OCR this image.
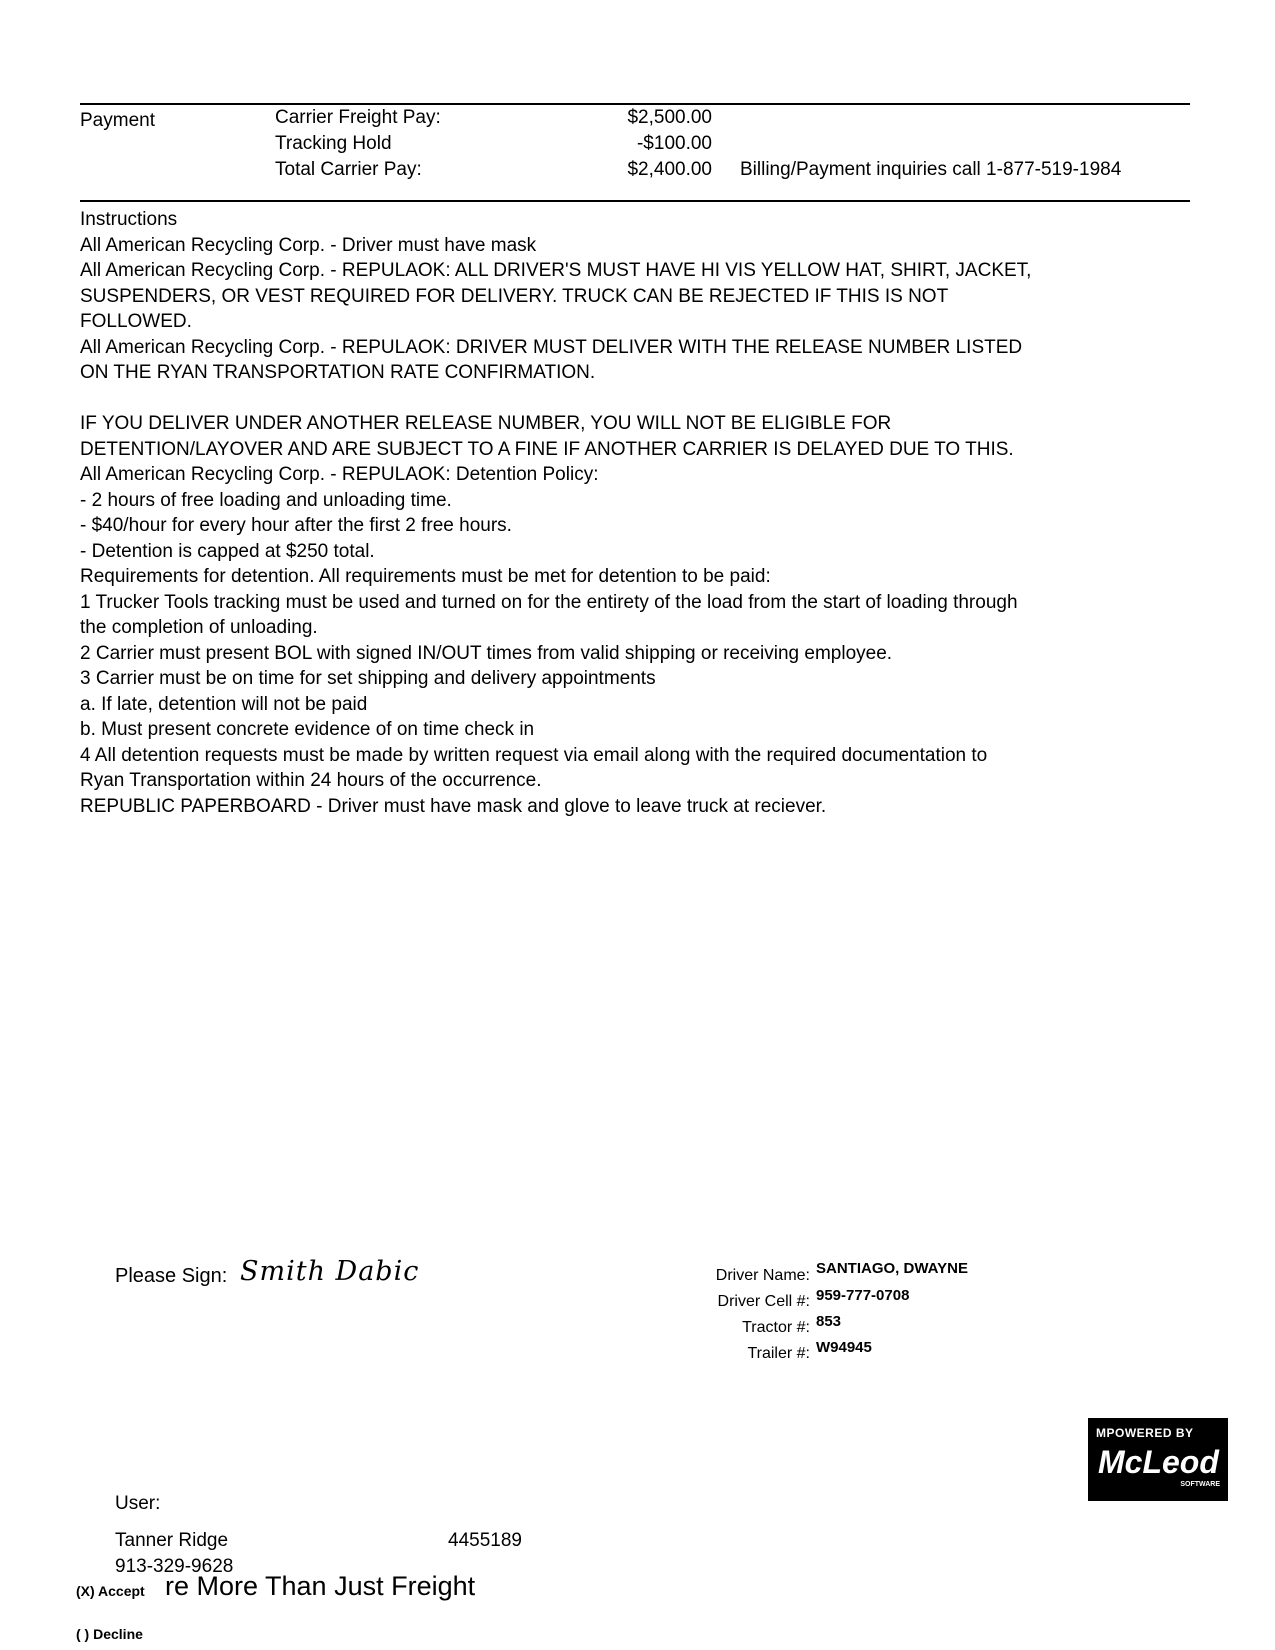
Payment	Carrier Freight Pay:	$2,500.00
Tracking Hold	-$100.00
Total Carrier Pay:	$2,400.00 Billing/Payment inquiries call 1-877-519-1984
Instructions
All American Recycling Corp. - Driver must have mask
All American Recycling Corp. - REPULAOK: ALL DRIVER'S MUST HAVE HI VIS YELLOW HAT, SHIRT, JACKET,
SUSPENDERS, OR VEST REQUIRED FOR DELIVERY. TRUCK CAN BE REJECTED IF THIS IS NOT
FOLLOWED.
All American Recycling Corp. - REPULAOK: DRIVER MUST DELIVER WITH THE RELEASE NUMBER LISTED
ON THE RYAN TRANSPORTATION RATE CONFIRMATION.
IF YOU DELIVER UNDER ANOTHER RELEASE NUMBER, YOU WILL NOT BE ELIGIBLE FOR
DETENTION/LAYOVER AND ARE SUBJECT TO A FINE IF ANOTHER CARRIER IS DELAYED DUE TO THIS.
All American Recycling Corp. - REPULAOK: Detention Policy:
- 2 hours of free loading and unloading time.
- $40/hour for every hour after the first 2 free hours.
- Detention is capped at $250 total.
Requirements for detention. All requirements must be met for detention to be paid:
1 Trucker Tools tracking must be used and turned on for the entirety of the load from the start of loading through
the completion of unloading.
2 Carrier must present BOL with signed IN/OUT times from valid shipping or receiving employee.
3 Carrier must be on time for set shipping and delivery appointments
a. If late, detention will not be paid
b. Must present concrete evidence of on time check in
4 All detention requests must be made by written request via email along with the required documentation to
Ryan Transportation within 24 hours of the occurrence.
REPUBLIC PAPERBOARD - Driver must have mask and glove to leave truck at reciever.
Please Sign: Smith Dabic	Driver Name: SANTIAGO, DWAYNE
Driver Cell #: 959-777-0708
Tractor #: 853
Trailer #: W94945
MPOWERED BY
McLeod
SOFTWARE
User:
Tanner Ridge	4455189
913-329-9628
(X) Accept re More Than Just Freight
( ) Decline
